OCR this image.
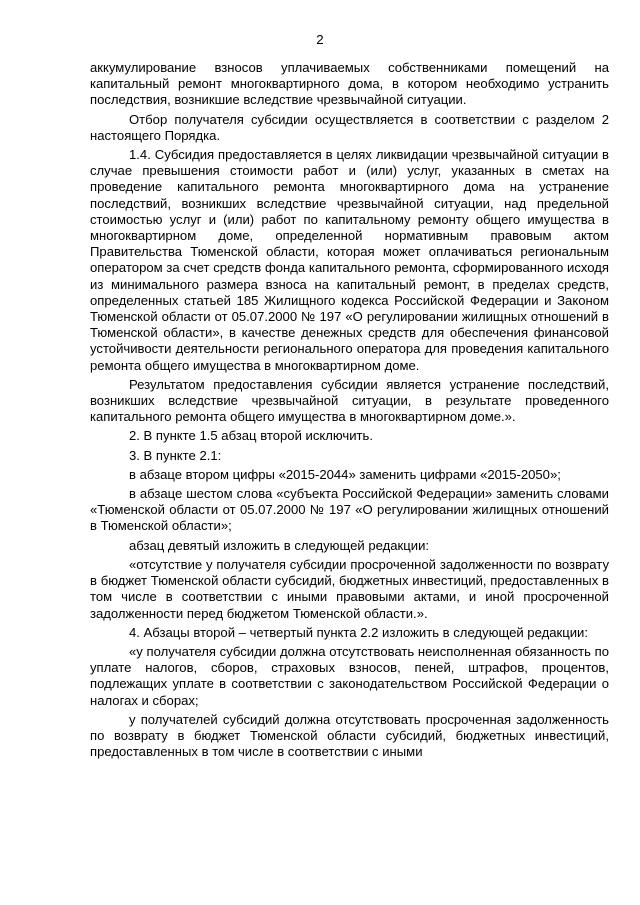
2

аккумулирование взносов уплачиваемых собственниками помещений на капитальный ремонт многоквартирного дома, в котором необходимо устранить последствия, возникшие вследствие чрезвычайной ситуации.

Отбор получателя субсидии осуществляется в соответствии с разделом 2 настоящего Порядка.

1.4. Субсидия предоставляется в целях ликвидации чрезвычайной ситуации в случае превышения стоимости работ и (или) услуг, указанных в сметах на проведение капитального ремонта многоквартирного дома на устранение последствий, возникших вследствие чрезвычайной ситуации, над предельной стоимостью услуг и (или) работ по капитальному ремонту общего имущества в многоквартирном доме, определенной нормативным правовым актом Правительства Тюменской области, которая может оплачиваться региональным оператором за счет средств фонда капитального ремонта, сформированного исходя из минимального размера взноса на капитальный ремонт, в пределах средств, определенных статьей 185 Жилищного кодекса Российской Федерации и Законом Тюменской области от 05.07.2000 № 197 «О регулировании жилищных отношений в Тюменской области», в качестве денежных средств для обеспечения финансовой устойчивости деятельности регионального оператора для проведения капитального ремонта общего имущества в многоквартирном доме.

Результатом предоставления субсидии является устранение последствий, возникших вследствие чрезвычайной ситуации, в результате проведенного капитального ремонта общего имущества в многоквартирном доме.».

2. В пункте 1.5 абзац второй исключить.

3. В пункте 2.1:

в абзаце втором цифры «2015-2044» заменить цифрами «2015-2050»;

в абзаце шестом слова «субъекта Российской Федерации» заменить словами «Тюменской области от 05.07.2000 № 197 «О регулировании жилищных отношений в Тюменской области»;

абзац девятый изложить в следующей редакции:

«отсутствие у получателя субсидии просроченной задолженности по возврату в бюджет Тюменской области субсидий, бюджетных инвестиций, предоставленных в том числе в соответствии с иными правовыми актами, и иной просроченной задолженности перед бюджетом Тюменской области.».

4. Абзацы второй – четвертый пункта 2.2 изложить в следующей редакции:

«у получателя субсидии должна отсутствовать неисполненная обязанность по уплате налогов, сборов, страховых взносов, пеней, штрафов, процентов, подлежащих уплате в соответствии с законодательством Российской Федерации о налогах и сборах;

у получателей субсидий должна отсутствовать просроченная задолженность по возврату в бюджет Тюменской области субсидий, бюджетных инвестиций, предоставленных в том числе в соответствии с иными
